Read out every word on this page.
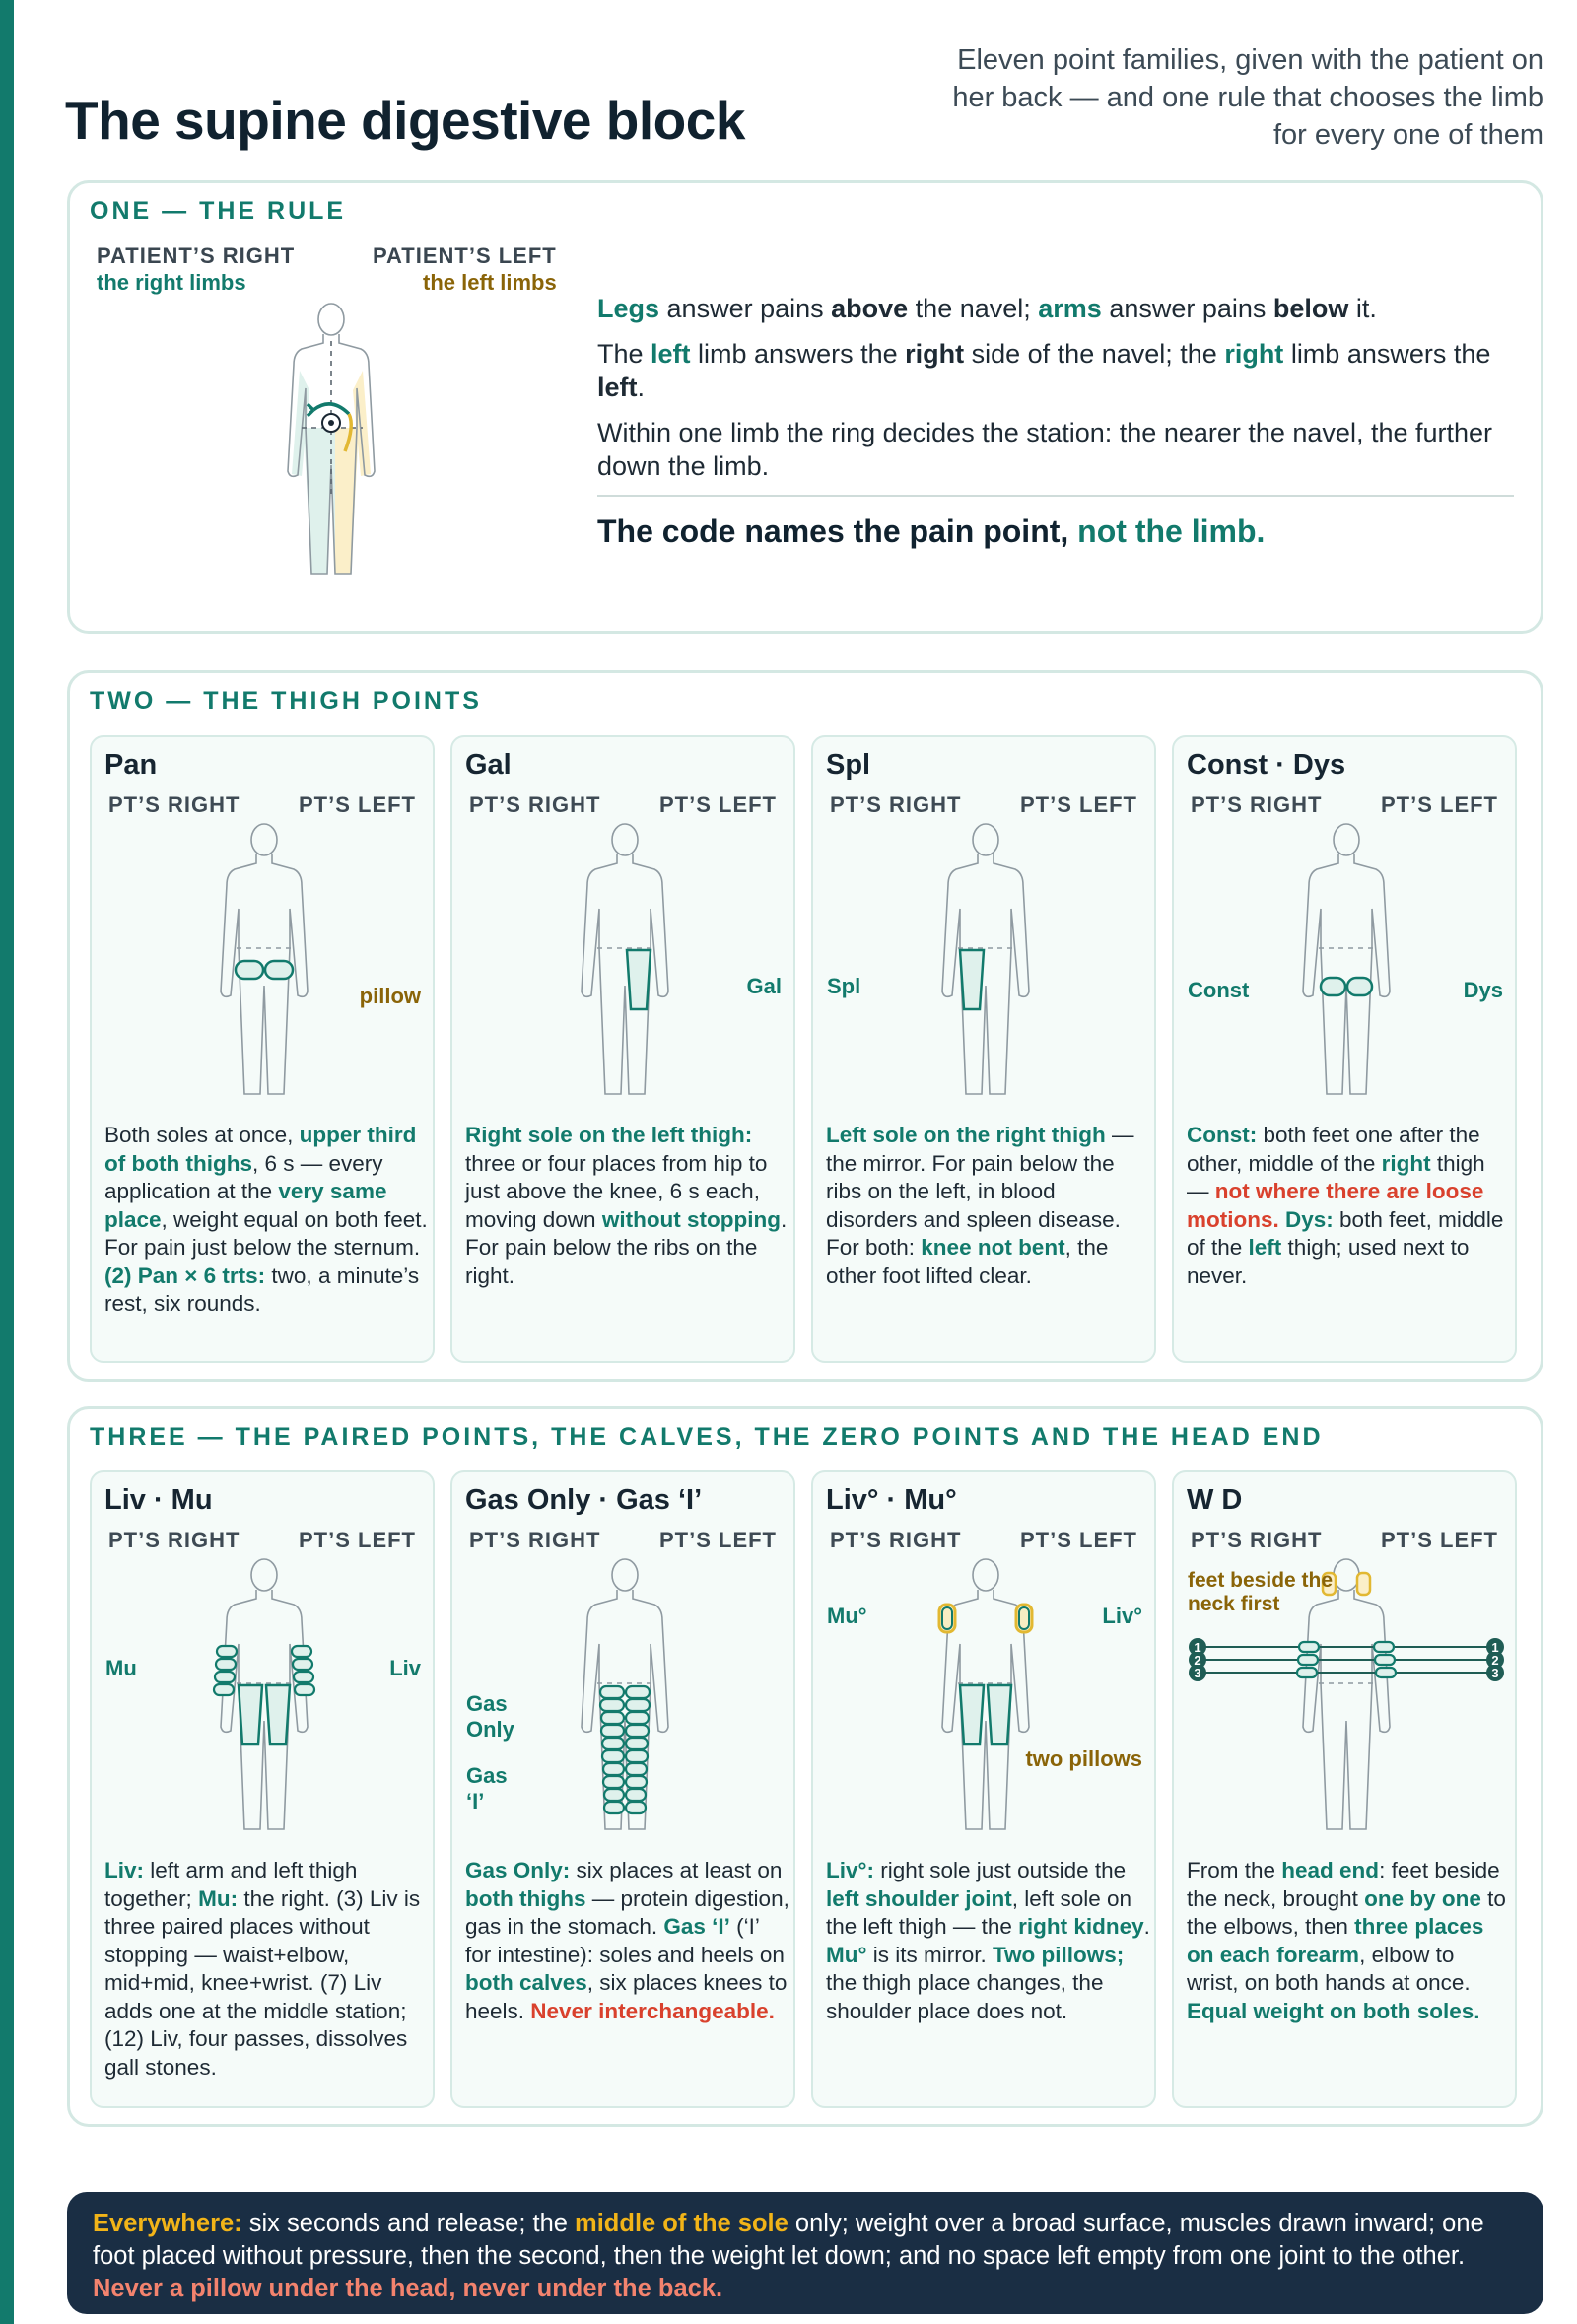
The supine digestive block
Eleven point families, given with the patient on her back — and one rule that chooses the limb for every one of them
ONE — THE RULE
PATIENT’S RIGHT
the right limbs
PATIENT’S LEFT
the left limbs

Legs answer pains above the navel; arms answer pains below it.

The left limb answers the right side of the navel; the right limb answers the left.

Within one limb the ring decides the station: the nearer the navel, the further down the limb.

The code names the pain point, not the limb.
TWO — THE THIGH POINTS
Pan
PT’S RIGHT	PT’S LEFT
pillow
Both soles at once, upper third of both thighs, 6 s — every application at the very same place, weight equal on both feet. For pain just below the sternum. (2) Pan × 6 trts: two, a minute’s rest, six rounds.
Gal
PT’S RIGHT	PT’S LEFT
Gal
Right sole on the left thigh: three or four places from hip to just above the knee, 6 s each, moving down without stopping. For pain below the ribs on the right.
Spl
PT’S RIGHT	PT’S LEFT
Spl
Left sole on the right thigh — the mirror. For pain below the ribs on the left, in blood disorders and spleen disease. For both: knee not bent, the other foot lifted clear.
Const · Dys
PT’S RIGHT	PT’S LEFT
Const	Dys
Const: both feet one after the other, middle of the right thigh — not where there are loose motions. Dys: both feet, middle of the left thigh; used next to never.
THREE — THE PAIRED POINTS, THE CALVES, THE ZERO POINTS AND THE HEAD END
Liv · Mu
PT’S RIGHT	PT’S LEFT
Mu	Liv
Liv: left arm and left thigh together; Mu: the right. (3) Liv is three paired places without stopping — waist+elbow, mid+mid, knee+wrist. (7) Liv adds one at the middle station; (12) Liv, four passes, dissolves gall stones.
Gas Only · Gas ‘I’
PT’S RIGHT	PT’S LEFT
Gas Only
Gas ‘I’
Gas Only: six places at least on both thighs — protein digestion, gas in the stomach. Gas ‘I’ (‘I’ for intestine): soles and heels on both calves, six places knees to heels. Never interchangeable.
Liv° · Mu°
PT’S RIGHT	PT’S LEFT
Mu°	Liv°
two pillows
Liv°: right sole just outside the left shoulder joint, left sole on the left thigh — the right kidney. Mu° is its mirror. Two pillows; the thigh place changes, the shoulder place does not.
W D
PT’S RIGHT	PT’S LEFT
1
2
3
1
2
3
feet beside the neck first
From the head end: feet beside the neck, brought one by one to the elbows, then three places on each forearm, elbow to wrist, on both hands at once. Equal weight on both soles.
Everywhere: six seconds and release; the middle of the sole only; weight over a broad surface, muscles drawn inward; one foot placed without pressure, then the second, then the weight let down; and no space left empty from one joint to the other. Never a pillow under the head, never under the back.
